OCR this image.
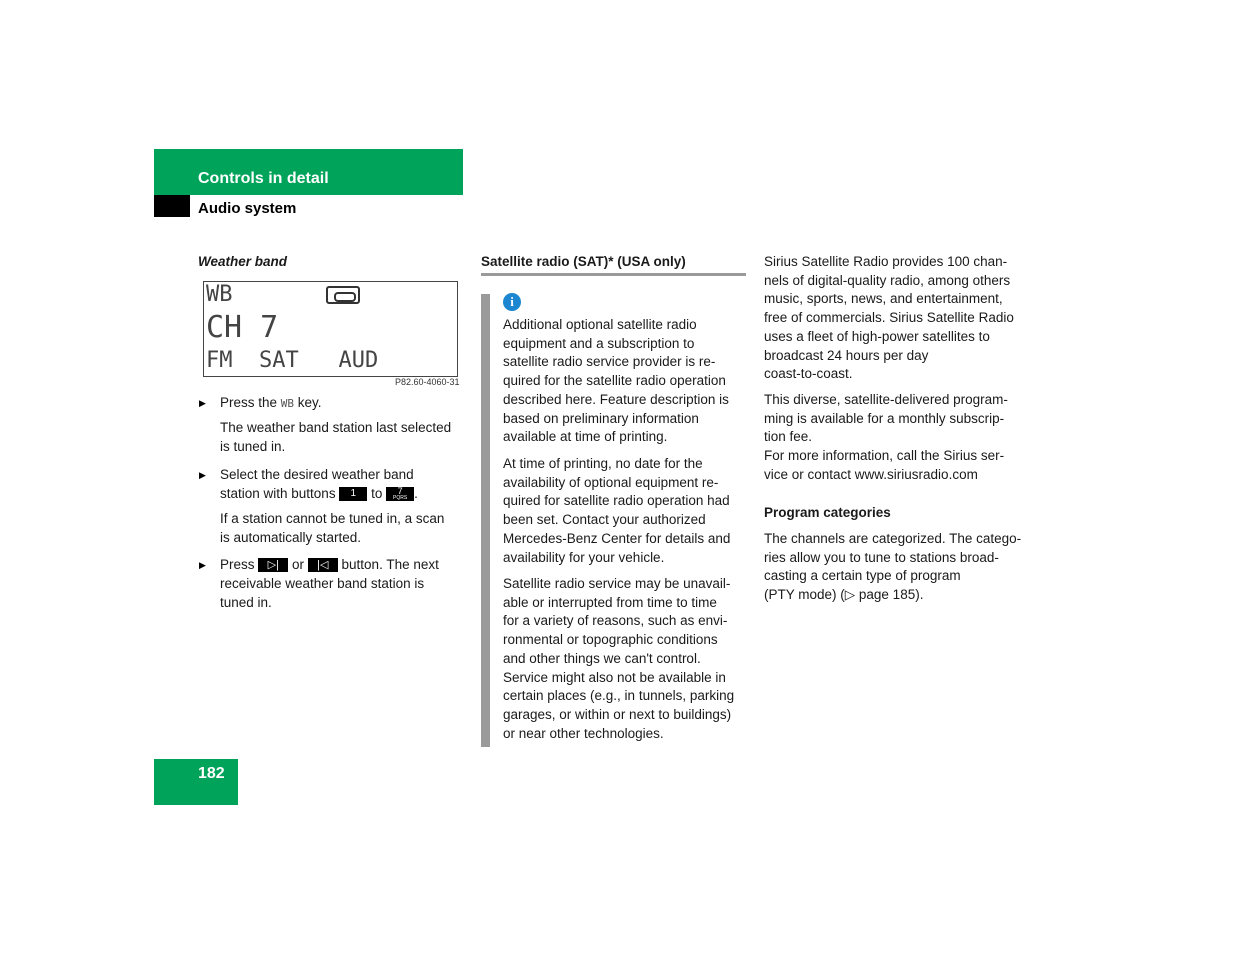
Controls in detail
Audio system
Weather band
WB
CH 7
FM  SAT   AUD
P82.60-4060-31
▶ Press the WB key.
The weather band station last selected
is tuned in.
▶ Select the desired weather band
station with buttons 1 to	7
PQRS .
If a station cannot be tuned in, a scan
is automatically started.
▶ Press ▷| or |◁ button. The next
receivable weather band station is
tuned in.
Satellite radio (SAT)* (USA only)
i
Additional optional satellite radio
equipment and a subscription to
satellite radio service provider is re-
quired for the satellite radio operation
described here. Feature description is
based on preliminary information
available at time of printing.
At time of printing, no date for the
availability of optional equipment re-
quired for satellite radio operation had
been set. Contact your authorized
Mercedes-Benz Center for details and
availability for your vehicle.
Satellite radio service may be unavail-
able or interrupted from time to time
for a variety of reasons, such as envi-
ronmental or topographic conditions
and other things we can't control.
Service might also not be available in
certain places (e.g., in tunnels, parking
garages, or within or next to buildings)
or near other technologies.
Sirius Satellite Radio provides 100 chan-
nels of digital-quality radio, among others
music, sports, news, and entertainment,
free of commercials. Sirius Satellite Radio
uses a fleet of high-power satellites to
broadcast 24 hours per day
coast-to-coast.
This diverse, satellite-delivered program-
ming is available for a monthly subscrip-
tion fee.
For more information, call the Sirius ser-
vice or contact www.siriusradio.com
Program categories
The channels are categorized. The catego-
ries allow you to tune to stations broad-
casting a certain type of program
(PTY mode) (▷ page 185).
182
